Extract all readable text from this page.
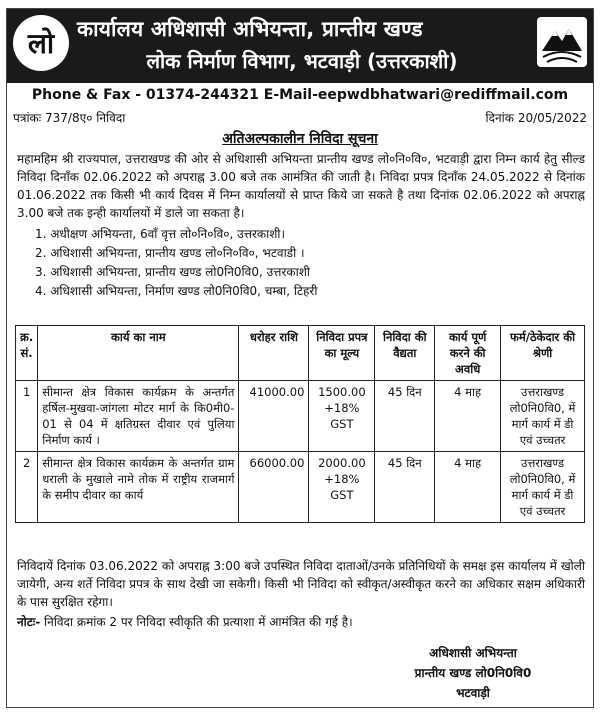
लो	कार्यालय अधिशासी अभियन्ता, प्रान्तीय खण्ड
लोक निर्माण विभाग, भटवाड़ी (उत्तरकाशी)
Phone & Fax - 01374-244321 E-Mail-eepwdbhatwari@rediffmail.com
पत्रांकः 737/8ए० निविदा	दिनांक 20/05/2022
अतिअल्पकालीन निविदा सूचना
महामहिम श्री राज्यपाल, उत्तराखण्ड की ओर से अधिशासी अभियन्ता प्रान्तीय खण्ड लो०नि०वि०, भटवाड़ी द्वारा निम्न कार्य हेतु सील्ड निविदा दिनाँक 02.06.2022 को अपराह्न 3.00 बजे तक आमंत्रित की जाती है। निविदा प्रपत्र दिनाँक 24.05.2022 से दिनांक 01.06.2022 तक किसी भी कार्य दिवस में निम्न कार्यालयों से प्राप्त किये जा सकते है तथा दिनांक 02.06.2022 को अपराह्न 3.00 बजे तक इन्ही कार्यालयों में डाले जा सकता है।
1. अधीक्षण अभियन्ता, 6वाँ वृत्त लो०नि०वि०, उत्तरकाशी।
2. अधिशासी अभियन्ता, प्रान्तीय खण्ड लो०नि०वि०, भटवाडी ।
3. अधिशासी अभियन्ता, प्रान्तीय खण्ड लो0नि0वि0, उत्तरकाशी
4. अधिशासी अभियन्ता, निर्माण खण्ड लो0नि0वि0, चम्बा, टिहरी
क्र. सं.	कार्य का नाम	धरोहर राशि	निविदा प्रपत्र का मूल्य	निविदा की वैद्यता	कार्य पूर्ण करने की अवधि	फर्म/ठेकेदार की श्रेणी
1	सीमान्त क्षेत्र विकास कार्यक्रम के अन्तर्गत हर्षिल-मुखवा-जांगला मोटर मार्ग के कि0मी0-01 से 04 में क्षतिग्रस्त दीवार एवं पुलिया निर्माण कार्य ।	41000.00	1500.00
+18%
GST	45 दिन	4 माह	उत्तराखण्ड लो0नि0वि0, में मार्ग कार्य में डी एवं उच्चतर
2	सीमान्त क्षेत्र विकास कार्यक्रम के अन्तर्गत ग्राम धराली के मुखाले नामे तोक में राष्ट्रीय राजमार्ग के समीप दीवार का कार्य	66000.00	2000.00
+18%
GST	45 दिन	4 माह	उत्तराखण्ड लो0नि0वि0, में मार्ग कार्य में डी एवं उच्चतर
निविदायें दिनांक 03.06.2022 को अपराह्न 3:00 बजे उपस्थित निविदा दाताओं/उनके प्रतिनिधियों के समक्ष इस कार्यालय में खोली जायेगी, अन्य शर्ते निविदा प्रपत्र के साथ देखी जा सकेगी। किसी भी निविदा को स्वीकृत/अस्वीकृत करने का अधिकार सक्षम अधिकारी के पास सुरक्षित रहेगा।
नोटः- निविदा क्रमांक 2 पर निविदा स्वीकृति की प्रत्याशा में आमंत्रित की गई है।
अधिशासी अभियन्ता
प्रान्तीय खण्ड लो0नि0वि0
भटवाड़ी
